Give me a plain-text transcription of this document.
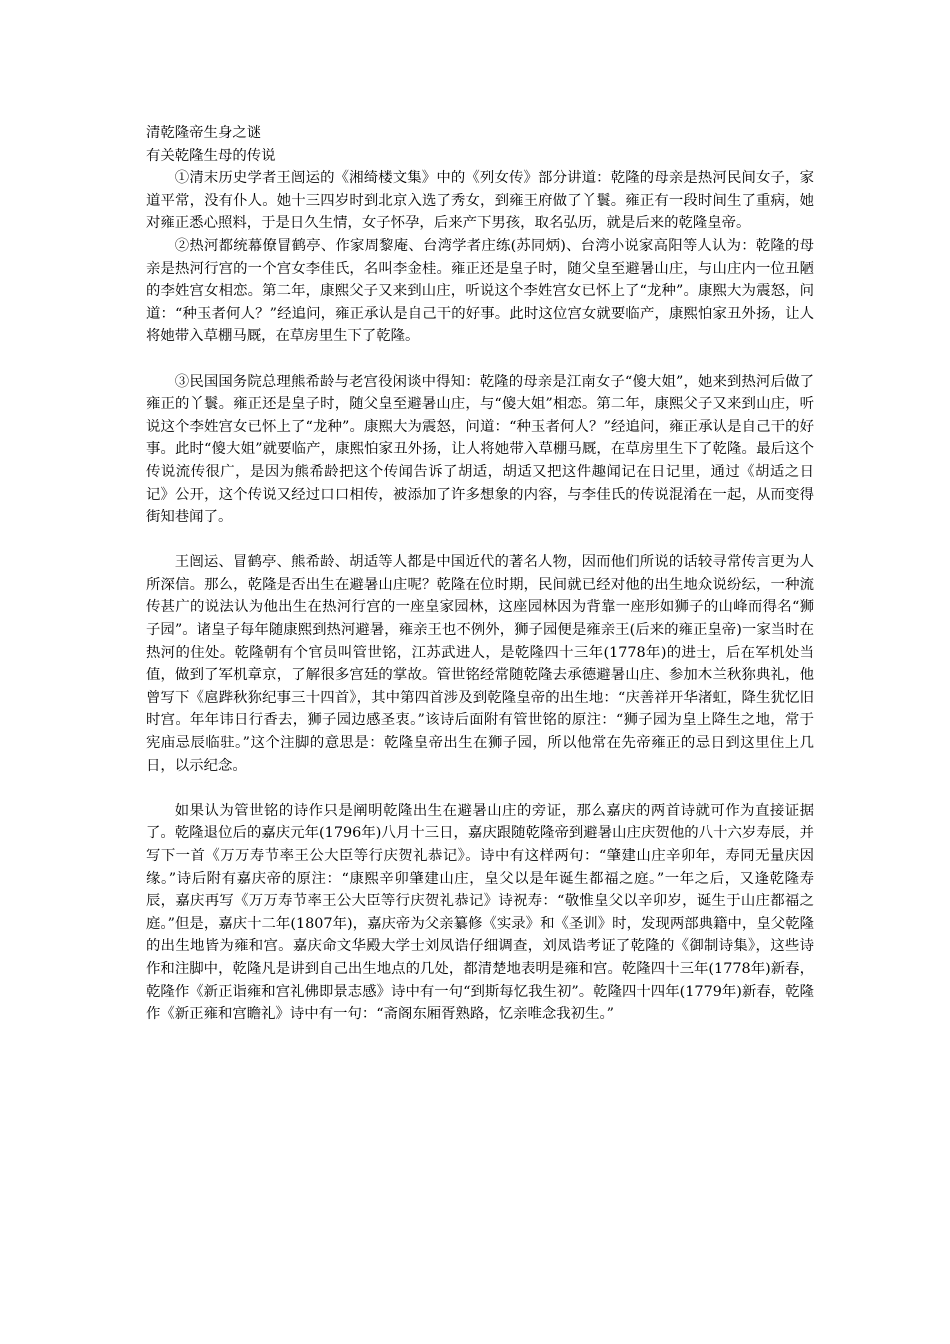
清乾隆帝生身之谜

有关乾隆生母的传说

①清末历史学者王闿运的《湘绮楼文集》中的《列女传》部分讲道：乾隆的母亲是热河民间女子，家道平常，没有仆人。她十三四岁时到北京入选了秀女，到雍王府做了丫鬟。雍正有一段时间生了重病，她对雍正悉心照料，于是日久生情，女子怀孕，后来产下男孩，取名弘历，就是后来的乾隆皇帝。

②热河都统幕僚冒鹤亭、作家周黎庵、台湾学者庄练(苏同炳)、台湾小说家高阳等人认为：乾隆的母亲是热河行宫的一个宫女李佳氏，名叫李金桂。雍正还是皇子时，随父皇至避暑山庄，与山庄内一位丑陋的李姓宫女相恋。第二年，康熙父子又来到山庄，听说这个李姓宫女已怀上了“龙种”。康熙大为震怒，问道：“种玉者何人？”经追问，雍正承认是自己干的好事。此时这位宫女就要临产，康熙怕家丑外扬，让人将她带入草棚马厩，在草房里生下了乾隆。

③民国国务院总理熊希龄与老宫役闲谈中得知：乾隆的母亲是江南女子“傻大姐”，她来到热河后做了雍正的丫鬟。雍正还是皇子时，随父皇至避暑山庄，与“傻大姐”相恋。第二年，康熙父子又来到山庄，听说这个李姓宫女已怀上了“龙种”。康熙大为震怒，问道：“种玉者何人？”经追问，雍正承认是自己干的好事。此时“傻大姐”就要临产，康熙怕家丑外扬，让人将她带入草棚马厩，在草房里生下了乾隆。最后这个传说流传很广，是因为熊希龄把这个传闻告诉了胡适，胡适又把这件趣闻记在日记里，通过《胡适之日记》公开，这个传说又经过口口相传，被添加了许多想象的内容，与李佳氏的传说混淆在一起，从而变得街知巷闻了。

王闿运、冒鹤亭、熊希龄、胡适等人都是中国近代的著名人物，因而他们所说的话较寻常传言更为人所深信。那么，乾隆是否出生在避暑山庄呢？乾隆在位时期，民间就已经对他的出生地众说纷纭，一种流传甚广的说法认为他出生在热河行宫的一座皇家园林，这座园林因为背靠一座形如狮子的山峰而得名“狮子园”。诸皇子每年随康熙到热河避暑，雍亲王也不例外，狮子园便是雍亲王(后来的雍正皇帝)一家当时在热河的住处。乾隆朝有个官员叫管世铭，江苏武进人，是乾隆四十三年(1778年)的进士，后在军机处当值，做到了军机章京，了解很多宫廷的掌故。管世铭经常随乾隆去承德避暑山庄、参加木兰秋狝典礼，他曾写下《扈跸秋狝纪事三十四首》，其中第四首涉及到乾隆皇帝的出生地：“庆善祥开华渚虹，降生犹忆旧时宫。年年讳日行香去，狮子园边感圣衷。”该诗后面附有管世铭的原注：“狮子园为皇上降生之地，常于宪庙忌辰临驻。”这个注脚的意思是：乾隆皇帝出生在狮子园，所以他常在先帝雍正的忌日到这里住上几日，以示纪念。

如果认为管世铭的诗作只是阐明乾隆出生在避暑山庄的旁证，那么嘉庆的两首诗就可作为直接证据了。乾隆退位后的嘉庆元年(1796年)八月十三日，嘉庆跟随乾隆帝到避暑山庄庆贺他的八十六岁寿辰，并写下一首《万万寿节率王公大臣等行庆贺礼恭记》。诗中有这样两句：“肇建山庄辛卯年，寿同无量庆因缘。”诗后附有嘉庆帝的原注：“康熙辛卯肇建山庄，皇父以是年诞生都福之庭。”一年之后，又逢乾隆寿辰，嘉庆再写《万万寿节率王公大臣等行庆贺礼恭记》诗祝寿：“敬惟皇父以辛卯岁，诞生于山庄都福之庭。”但是，嘉庆十二年(1807年)，嘉庆帝为父亲纂修《实录》和《圣训》时，发现两部典籍中，皇父乾隆的出生地皆为雍和宫。嘉庆命文华殿大学士刘凤诰仔细调查，刘凤诰考证了乾隆的《御制诗集》，这些诗作和注脚中，乾隆凡是讲到自己出生地点的几处，都清楚地表明是雍和宫。乾隆四十三年(1778年)新春，乾隆作《新正诣雍和宫礼佛即景志感》诗中有一句“到斯每忆我生初”。乾隆四十四年(1779年)新春，乾隆作《新正雍和宫瞻礼》诗中有一句：“斋阁东厢胥熟路，忆亲唯念我初生。”
